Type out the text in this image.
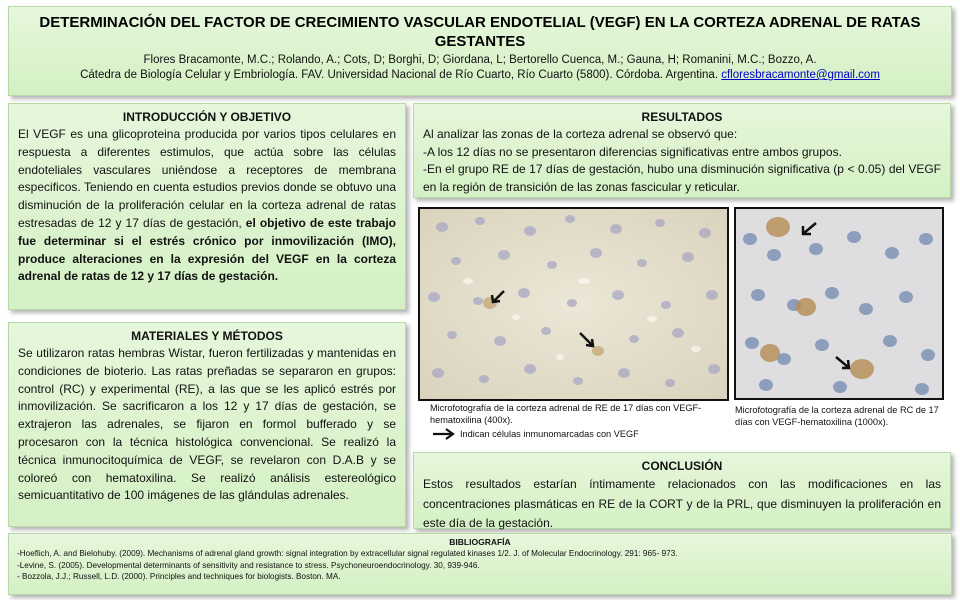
DETERMINACIÓN DEL FACTOR DE CRECIMIENTO VASCULAR ENDOTELIAL (VEGF) EN LA CORTEZA ADRENAL DE RATAS GESTANTES
Flores Bracamonte, M.C.; Rolando, A.; Cots, D; Borghi, D; Giordana, L; Bertorello Cuenca, M.; Gauna, H; Romanini, M.C.; Bozzo, A.
Cátedra de Biología Celular y Embriología. FAV. Universidad Nacional de Río Cuarto, Río Cuarto (5800). Córdoba. Argentina. cfloresbracamonte@gmail.com
INTRODUCCIÓN Y OBJETIVO
El VEGF es una glicoproteina producida por varios tipos celulares en respuesta a diferentes estimulos, que actúa sobre las células endoteliales vasculares uniéndose a receptores de membrana especificos. Teniendo en cuenta estudios previos donde se obtuvo una disminución de la proliferación celular en la corteza adrenal de ratas estresadas de 12 y 17 días de gestación, el objetivo de este trabajo fue determinar si el estrés crónico por inmovilización (IMO), produce alteraciones en la expresión del VEGF en la corteza adrenal de ratas de 12 y 17 días de gestación.
MATERIALES Y MÉTODOS
Se utilizaron ratas hembras Wistar, fueron fertilizadas y mantenidas en condiciones de bioterio. Las ratas preñadas se separaron en grupos: control (RC) y experimental (RE), a las que se les aplicó estrés por inmovilización. Se sacrificaron a los 12 y 17 días de gestación, se extrajeron las adrenales, se fijaron en formol bufferado y se procesaron con la técnica histológica convencional. Se realizó la técnica inmunocitoquímica de VEGF, se revelaron con D.A.B y se coloreó con hematoxilina. Se realizó análisis estereológico semicuantitativo de 100 imágenes de las glándulas adrenales.
RESULTADOS
Al analizar las zonas de la corteza adrenal se observó que:
-A los 12 días no se presentaron diferencias significativas entre ambos grupos.
-En el grupo RE de 17 días de gestación, hubo una disminución significativa (p < 0.05) del VEGF en la región de transición de las zonas fascicular y reticular.
Microfotografía de la corteza adrenal de RE de 17 días con VEGF-hematoxilina (400x).
Indican células inmunomarcadas con VEGF
Microfotografía de la corteza adrenal de RC de 17 días con VEGF-hematoxilina (1000x).
CONCLUSIÓN
Estos resultados estarían íntimamente relacionados con las modificaciones en las concentraciones plasmáticas en RE de la CORT y de la PRL, que disminuyen la proliferación en este día de la gestación.
BIBLIOGRAFÍA
-Hoeflich, A. and Bielohuby. (2009). Mechanisms of adrenal gland growth: signal integration by extracellular signal regulated kinases 1/2. J. of Molecular Endocrinology. 291: 965- 973.
-Levine, S. (2005). Developmental determinants of sensitivity and resistance to stress. Psychoneuroendocrinology. 30, 939-946.
- Bozzola, J.J.; Russell, L.D. (2000). Principles and techniques for biologists. Boston. MA.
